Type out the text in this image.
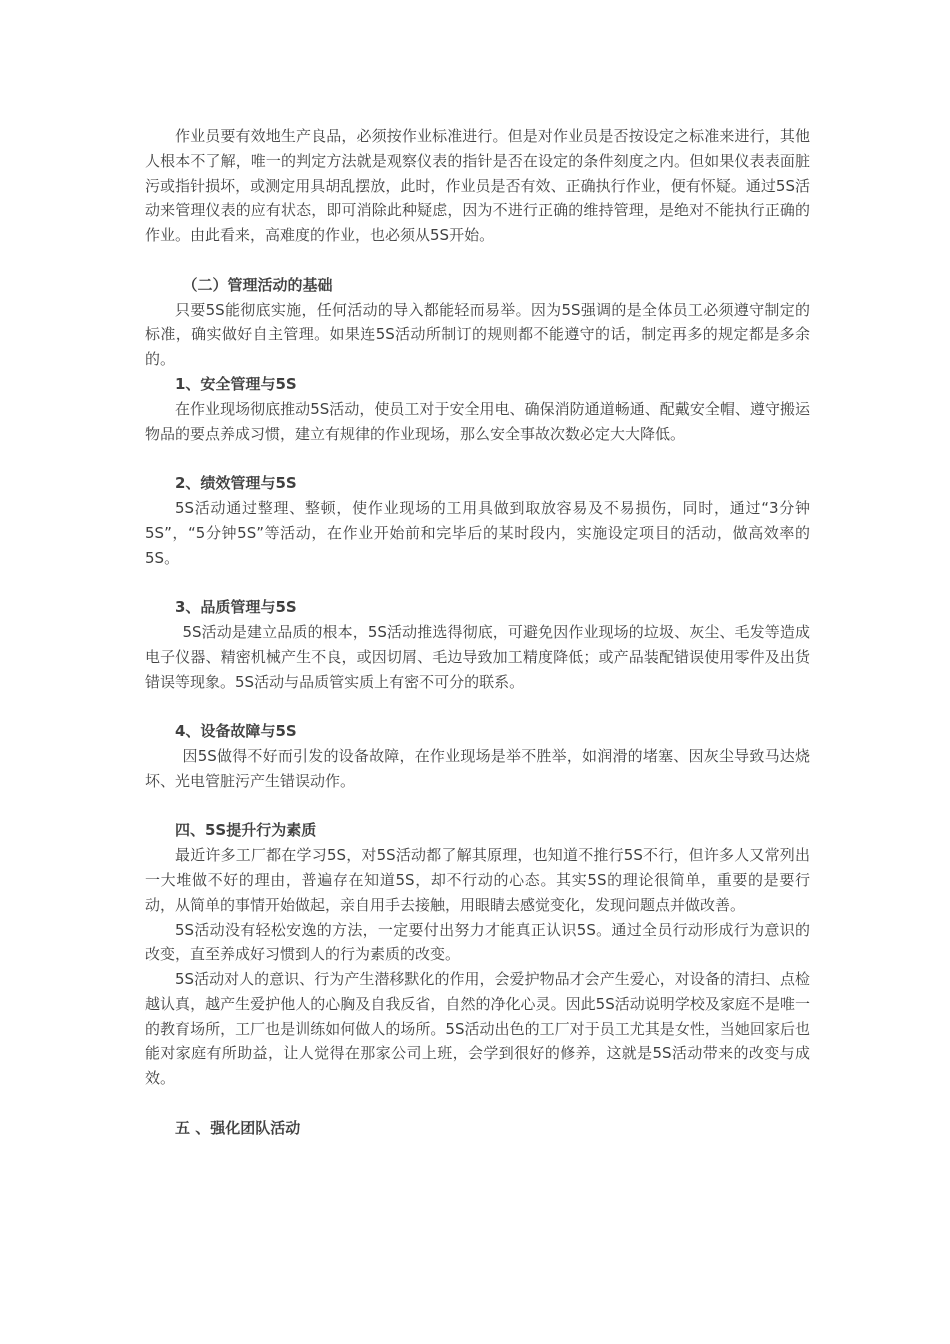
作业员要有效地生产良品，必须按作业标准进行。但是对作业员是否按设定之标准来进行，其他人根本不了解，唯一的判定方法就是观察仪表的指针是否在设定的条件刻度之内。但如果仪表表面脏污或指针损坏，或测定用具胡乱摆放，此时，作业员是否有效、正确执行作业，便有怀疑。通过5S活动来管理仪表的应有状态，即可消除此种疑虑，因为不进行正确的维持管理，是绝对不能执行正确的作业。由此看来，高难度的作业，也必须从5S开始。

（二）管理活动的基础

只要5S能彻底实施，任何活动的导入都能轻而易举。因为5S强调的是全体员工必须遵守制定的标准，确实做好自主管理。如果连5S活动所制订的规则都不能遵守的话，制定再多的规定都是多余的。

1、安全管理与5S

在作业现场彻底推动5S活动，使员工对于安全用电、确保消防通道畅通、配戴安全帽、遵守搬运物品的要点养成习惯，建立有规律的作业现场，那么安全事故次数必定大大降低。

2、绩效管理与5S

5S活动通过整理、整顿，使作业现场的工用具做到取放容易及不易损伤，同时，通过“3分钟5S”，“5分钟5S”等活动，在作业开始前和完毕后的某时段内，实施设定项目的活动，做高效率的5S。

3、品质管理与5S

5S活动是建立品质的根本，5S活动推选得彻底，可避免因作业现场的垃圾、灰尘、毛发等造成电子仪器、精密机械产生不良，或因切屑、毛边导致加工精度降低；或产品装配错误使用零件及出货错误等现象。5S活动与品质管实质上有密不可分的联系。

4、设备故障与5S

因5S做得不好而引发的设备故障，在作业现场是举不胜举，如润滑的堵塞、因灰尘导致马达烧坏、光电管脏污产生错误动作。

四、5S提升行为素质

最近许多工厂都在学习5S，对5S活动都了解其原理，也知道不推行5S不行，但许多人又常列出一大堆做不好的理由，普遍存在知道5S，却不行动的心态。其实5S的理论很简单，重要的是要行动，从简单的事情开始做起，亲自用手去接触，用眼睛去感觉变化，发现问题点并做改善。

5S活动没有轻松安逸的方法，一定要付出努力才能真正认识5S。通过全员行动形成行为意识的改变，直至养成好习惯到人的行为素质的改变。

5S活动对人的意识、行为产生潜移默化的作用，会爱护物品才会产生爱心，对设备的清扫、点检越认真，越产生爱护他人的心胸及自我反省，自然的净化心灵。因此5S活动说明学校及家庭不是唯一的教育场所，工厂也是训练如何做人的场所。5S活动出色的工厂对于员工尤其是女性，当她回家后也能对家庭有所助益，让人觉得在那家公司上班，会学到很好的修养，这就是5S活动带来的改变与成效。

五 、强化团队活动
